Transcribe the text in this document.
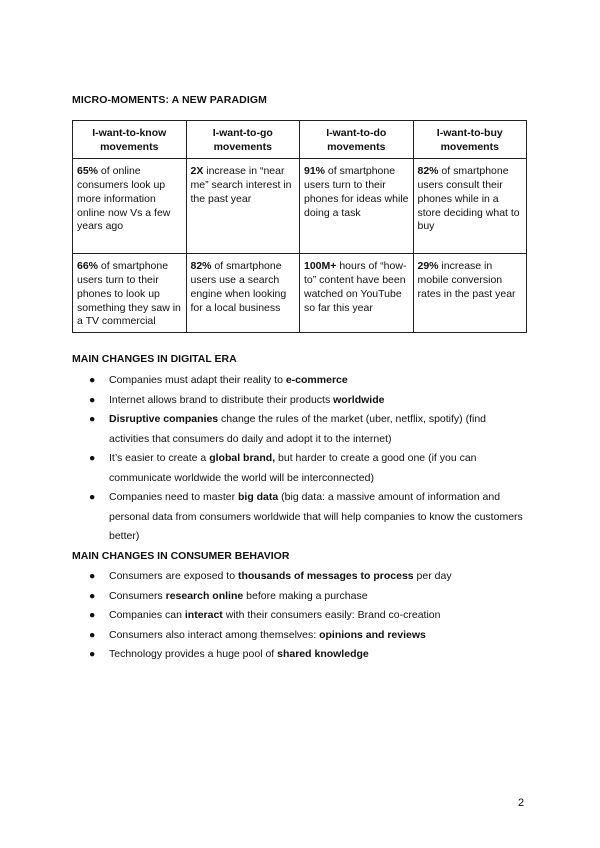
MICRO-MOMENTS: A NEW PARADIGM
I-want-to-know movements	I-want-to-go movements	I-want-to-do movements	I-want-to-buy movements
65% of online consumers look up more information online now Vs a few years ago	2X increase in “near me” search interest in the past year	91% of smartphone users turn to their phones for ideas while doing a task	82% of smartphone users consult their phones while in a store deciding what to buy
66% of smartphone users turn to their phones to look up something they saw in a TV commercial	82% of smartphone users use a search engine when looking for a local business	100M+ hours of “how-to” content have been watched on YouTube so far this year	29% increase in mobile conversion rates in the past year
MAIN CHANGES IN DIGITAL ERA
● Companies must adapt their reality to e-commerce
● Internet allows brand to distribute their products worldwide
● Disruptive companies change the rules of the market (uber, netflix, spotify) (find activities that consumers do daily and adopt it to the internet)
● It’s easier to create a global brand, but harder to create a good one (if you can communicate worldwide the world will be interconnected)
● Companies need to master big data (big data: a massive amount of information and personal data from consumers worldwide that will help companies to know the customers better)
MAIN CHANGES IN CONSUMER BEHAVIOR
● Consumers are exposed to thousands of messages to process per day
● Consumers research online before making a purchase
● Companies can interact with their consumers easily: Brand co-creation
● Consumers also interact among themselves: opinions and reviews
● Technology provides a huge pool of shared knowledge
2
